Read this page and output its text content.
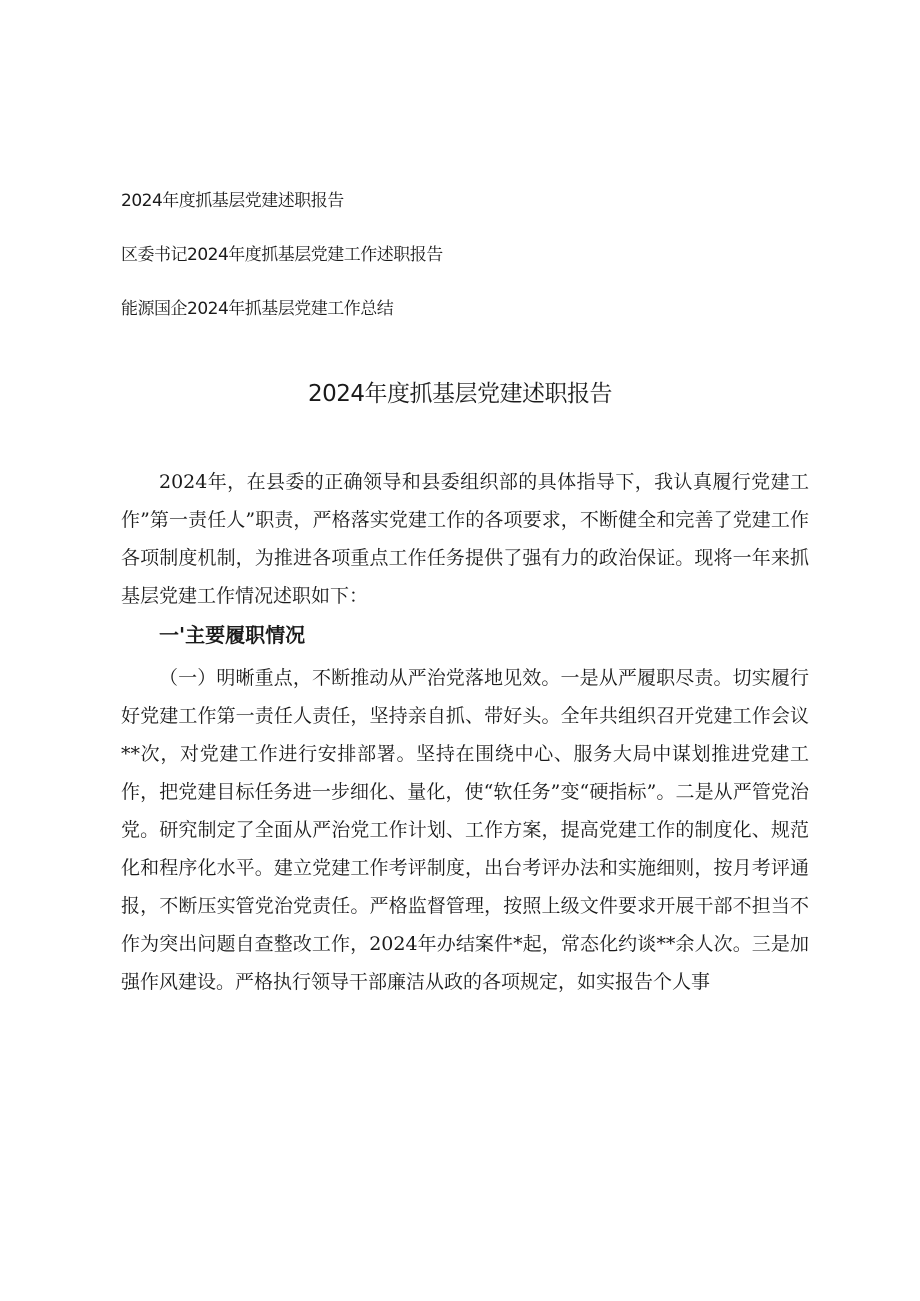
2024年度抓基层党建述职报告
区委书记2024年度抓基层党建工作述职报告
能源国企2024年抓基层党建工作总结
2024年度抓基层党建述职报告

2024年，在县委的正确领导和县委组织部的具体指导下，我认真履行党建工作”第一责任人”职责，严格落实党建工作的各项要求，不断健全和完善了党建工作各项制度机制，为推进各项重点工作任务提供了强有力的政治保证。现将一年来抓基层党建工作情况述职如下：

一'主要履职情况

（一）明晰重点，不断推动从严治党落地见效。一是从严履职尽责。切实履行好党建工作第一责任人责任，坚持亲自抓、带好头。全年共组织召开党建工作会议**次，对党建工作进行安排部署。坚持在围绕中心、服务大局中谋划推进党建工作，把党建目标任务进一步细化、量化，使“软任务”变“硬指标”。二是从严管党治党。研究制定了全面从严治党工作计划、工作方案，提高党建工作的制度化、规范化和程序化水平。建立党建工作考评制度，出台考评办法和实施细则，按月考评通报，不断压实管党治党责任。严格监督管理，按照上级文件要求开展干部不担当不作为突出问题自查整改工作，2024年办结案件*起，常态化约谈**余人次。三是加强作风建设。严格执行领导干部廉洁从政的各项规定，如实报告个人事
